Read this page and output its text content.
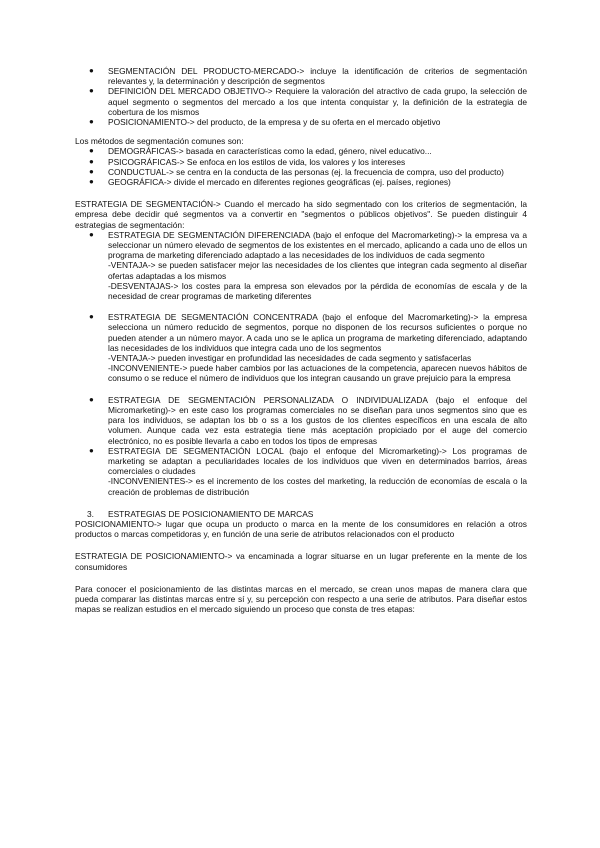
● SEGMENTACIÓN DEL PRODUCTO-MERCADO-> incluye la identificación de criterios de segmentación relevantes y, la determinación y descripción de segmentos
● DEFINICIÓN DEL MERCADO OBJETIVO-> Requiere la valoración del atractivo de cada grupo, la selección de aquel segmento o segmentos del mercado a los que intenta conquistar y, la definición de la estrategia de cobertura de los mismos
● POSICIONAMIENTO-> del producto, de la empresa y de su oferta en el mercado objetivo

Los métodos de segmentación comunes son:

● DEMOGRÁFICAS-> basada en características como la edad, género, nivel educativo...
● PSICOGRÁFICAS-> Se enfoca en los estilos de vida, los valores y los intereses
● CONDUCTUAL-> se centra en la conducta de las personas (ej. la frecuencia de compra, uso del producto)
● GEOGRÁFICA-> divide el mercado en diferentes regiones geográficas (ej. países, regiones)

ESTRATEGIA DE SEGMENTACIÓN-> Cuando el mercado ha sido segmentado con los criterios de segmentación, la empresa debe decidir qué segmentos va a convertir en "segmentos o públicos objetivos". Se pueden distinguir 4 estrategias de segmentación:

● ESTRATEGIA DE SEGMENTACIÓN DIFERENCIADA (bajo el enfoque del Macromarketing)-> la empresa va a seleccionar un número elevado de segmentos de los existentes en el mercado, aplicando a cada uno de ellos un programa de marketing diferenciado adaptado a las necesidades de los individuos de cada segmento
-VENTAJA-> se pueden satisfacer mejor las necesidades de los clientes que integran cada segmento al diseñar ofertas adaptadas a los mismos
-DESVENTAJAS-> los costes para la empresa son elevados por la pérdida de economías de escala y de la necesidad de crear programas de marketing diferentes
● ESTRATEGIA DE SEGMENTACIÓN CONCENTRADA (bajo el enfoque del Macromarketing)-> la empresa selecciona un número reducido de segmentos, porque no disponen de los recursos suficientes o porque no pueden atender a un número mayor. A cada uno se le aplica un programa de marketing diferenciado, adaptando las necesidades de los individuos que integra cada uno de los segmentos
-VENTAJA-> pueden investigar en profundidad las necesidades de cada segmento y satisfacerlas
-INCONVENIENTE-> puede haber cambios por las actuaciones de la competencia, aparecen nuevos hábitos de consumo o se reduce el número de individuos que los integran causando un grave prejuicio para la empresa
● ESTRATEGIA DE SEGMENTACIÓN PERSONALIZADA O INDIVIDUALIZADA (bajo el enfoque del Micromarketing)-> en este caso los programas comerciales no se diseñan para unos segmentos sino que es para los individuos, se adaptan los bb o ss a los gustos de los clientes específicos en una escala de alto volumen. Aunque cada vez esta estrategia tiene más aceptación propiciado por el auge del comercio electrónico, no es posible llevarla a cabo en todos los tipos de empresas
● ESTRATEGIA DE SEGMENTACIÓN LOCAL (bajo el enfoque del Micromarketing)-> Los programas de marketing se adaptan a peculiaridades locales de los individuos que viven en determinados barrios, áreas comerciales o ciudades
-INCONVENIENTES-> es el incremento de los costes del marketing, la reducción de economías de escala o la creación de problemas de distribución

3. ESTRATEGIAS DE POSICIONAMIENTO DE MARCAS

POSICIONAMIENTO-> lugar que ocupa un producto o marca en la mente de los consumidores en relación a otros productos o marcas competidoras y, en función de una serie de atributos relacionados con el producto

ESTRATEGIA DE POSICIONAMIENTO-> va encaminada a lograr situarse en un lugar preferente en la mente de los consumidores

Para conocer el posicionamiento de las distintas marcas en el mercado, se crean unos mapas de manera clara que pueda comparar las distintas marcas entre sí y, su percepción con respecto a una serie de atributos. Para diseñar estos mapas se realizan estudios en el mercado siguiendo un proceso que consta de tres etapas:
